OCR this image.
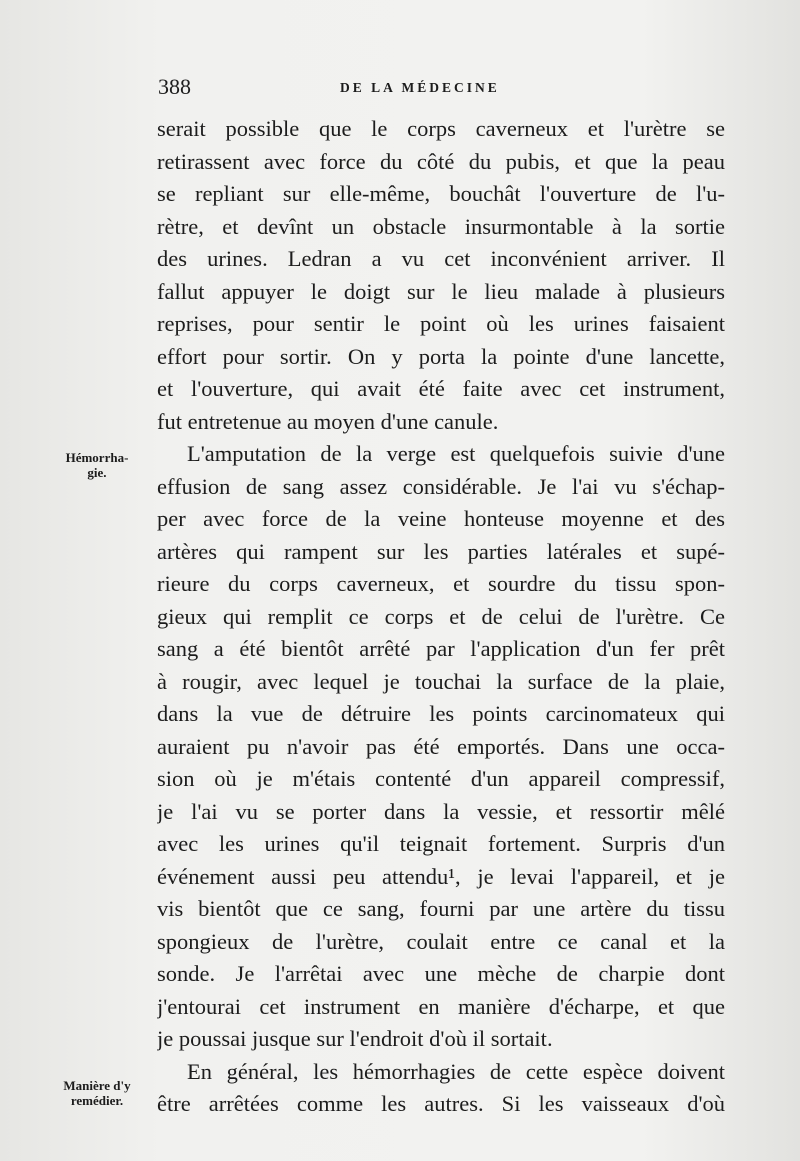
388	DE LA MÉDECINE
Hémorrha-
gie.
Manière d'y
remédier.
serait possible que le corps caverneux et l'urètre se
retirassent avec force du côté du pubis, et que la peau
se repliant sur elle-même, bouchât l'ouverture de l'u-
rètre, et devînt un obstacle insurmontable à la sortie
des urines. Ledran a vu cet inconvénient arriver. Il
fallut appuyer le doigt sur le lieu malade à plusieurs
reprises, pour sentir le point où les urines faisaient
effort pour sortir. On y porta la pointe d'une lancette,
et l'ouverture, qui avait été faite avec cet instrument,
fut entretenue au moyen d'une canule.
L'amputation de la verge est quelquefois suivie d'une
effusion de sang assez considérable. Je l'ai vu s'échap-
per avec force de la veine honteuse moyenne et des
artères qui rampent sur les parties latérales et supé-
rieure du corps caverneux, et sourdre du tissu spon-
gieux qui remplit ce corps et de celui de l'urètre. Ce
sang a été bientôt arrêté par l'application d'un fer prêt
à rougir, avec lequel je touchai la surface de la plaie,
dans la vue de détruire les points carcinomateux qui
auraient pu n'avoir pas été emportés. Dans une occa-
sion où je m'étais contenté d'un appareil compressif,
je l'ai vu se porter dans la vessie, et ressortir mêlé
avec les urines qu'il teignait fortement. Surpris d'un
événement aussi peu attendu¹, je levai l'appareil, et je
vis bientôt que ce sang, fourni par une artère du tissu
spongieux de l'urètre, coulait entre ce canal et la
sonde. Je l'arrêtai avec une mèche de charpie dont
j'entourai cet instrument en manière d'écharpe, et que
je poussai jusque sur l'endroit d'où il sortait.
En général, les hémorrhagies de cette espèce doivent
être arrêtées comme les autres. Si les vaisseaux d'où
